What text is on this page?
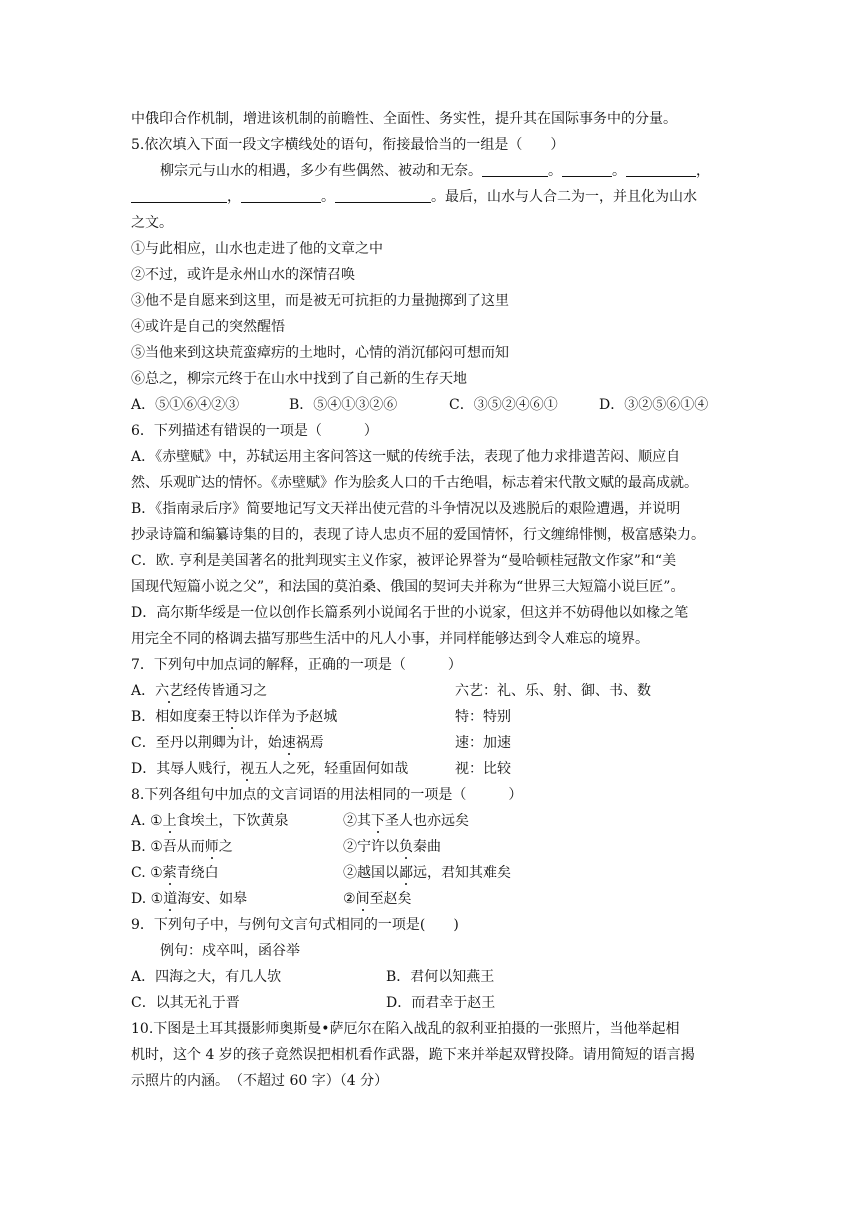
中俄印合作机制，增进该机制的前瞻性、全面性、务实性，提升其在国际事务中的分量。
5.依次填入下面一段文字横线处的语句，衔接最恰当的一组是（　　）
柳宗元与山水的相遇，多少有些偶然、被动和无奈。	。	。	，
，	。	。最后，山水与人合二为一，并且化为山水
之文。
①与此相应，山水也走进了他的文章之中
②不过，或许是永州山水的深情召唤
③他不是自愿来到这里，而是被无可抗拒的力量抛掷到了这里
④或许是自己的突然醒悟
⑤当他来到这块荒蛮瘴疠的土地时，心情的消沉郁闷可想而知
⑥总之，柳宗元终于在山水中找到了自己新的生存天地
A．⑤①⑥④②③	B．⑤④①③②⑥	C．③⑤②④⑥①	D．③②⑤⑥①④
6．下列描述有错误的一项是（　　　）
A．《赤壁赋》中，苏轼运用主客问答这一赋的传统手法，表现了他力求排遣苦闷、顺应自
然、乐观旷达的情怀。《赤壁赋》作为脍炙人口的千古绝唱，标志着宋代散文赋的最高成就。
B．《指南录后序》简要地记写文天祥出使元营的斗争情况以及逃脱后的艰险遭遇，并说明
抄录诗篇和编纂诗集的目的，表现了诗人忠贞不屈的爱国情怀，行文缠绵悱恻，极富感染力。
C．欧. 亨利是美国著名的批判现实主义作家，被评论界誉为“曼哈顿桂冠散文作家”和“美
国现代短篇小说之父”，和法国的莫泊桑、俄国的契诃夫并称为“世界三大短篇小说巨匠”。
D．高尔斯华绥是一位以创作长篇系列小说闻名于世的小说家，但这并不妨碍他以如椽之笔
用完全不同的格调去描写那些生活中的凡人小事，并同样能够达到令人难忘的境界。
7．下列句中加点词的解释，正确的一项是（　　　）
A．六艺经传皆通习之	六艺：礼、乐、射、御、书、数
B．相如度秦王特以诈佯为予赵城	特：特别
C．至丹以荆卿为计，始速祸焉	速：加速
D．其辱人贱行，视五人之死，轻重固何如哉	视：比较
8.下列各组句中加点的文言词语的用法相同的一项是（　　　）
A. ①上食埃土，下饮黄泉	②其下圣人也亦远矣
B. ①吾从而师之	②宁许以负秦曲
C. ①萦青绕白	②越国以鄙远，君知其难矣
D. ①道海安、如皋	②间至赵矣
9．下列句子中，与例句文言句式相同的一项是(　　)
例句：戍卒叫，函谷举
A．四海之大，有几人欤	B．君何以知燕王
C．以其无礼于晋	D．而君幸于赵王
10.下图是土耳其摄影师奥斯曼•萨厄尔在陷入战乱的叙利亚拍摄的一张照片，当他举起相
机时，这个 4 岁的孩子竟然误把相机看作武器，跪下来并举起双臂投降。请用简短的语言揭
示照片的内涵。　（不超过 60 字）（4 分）
